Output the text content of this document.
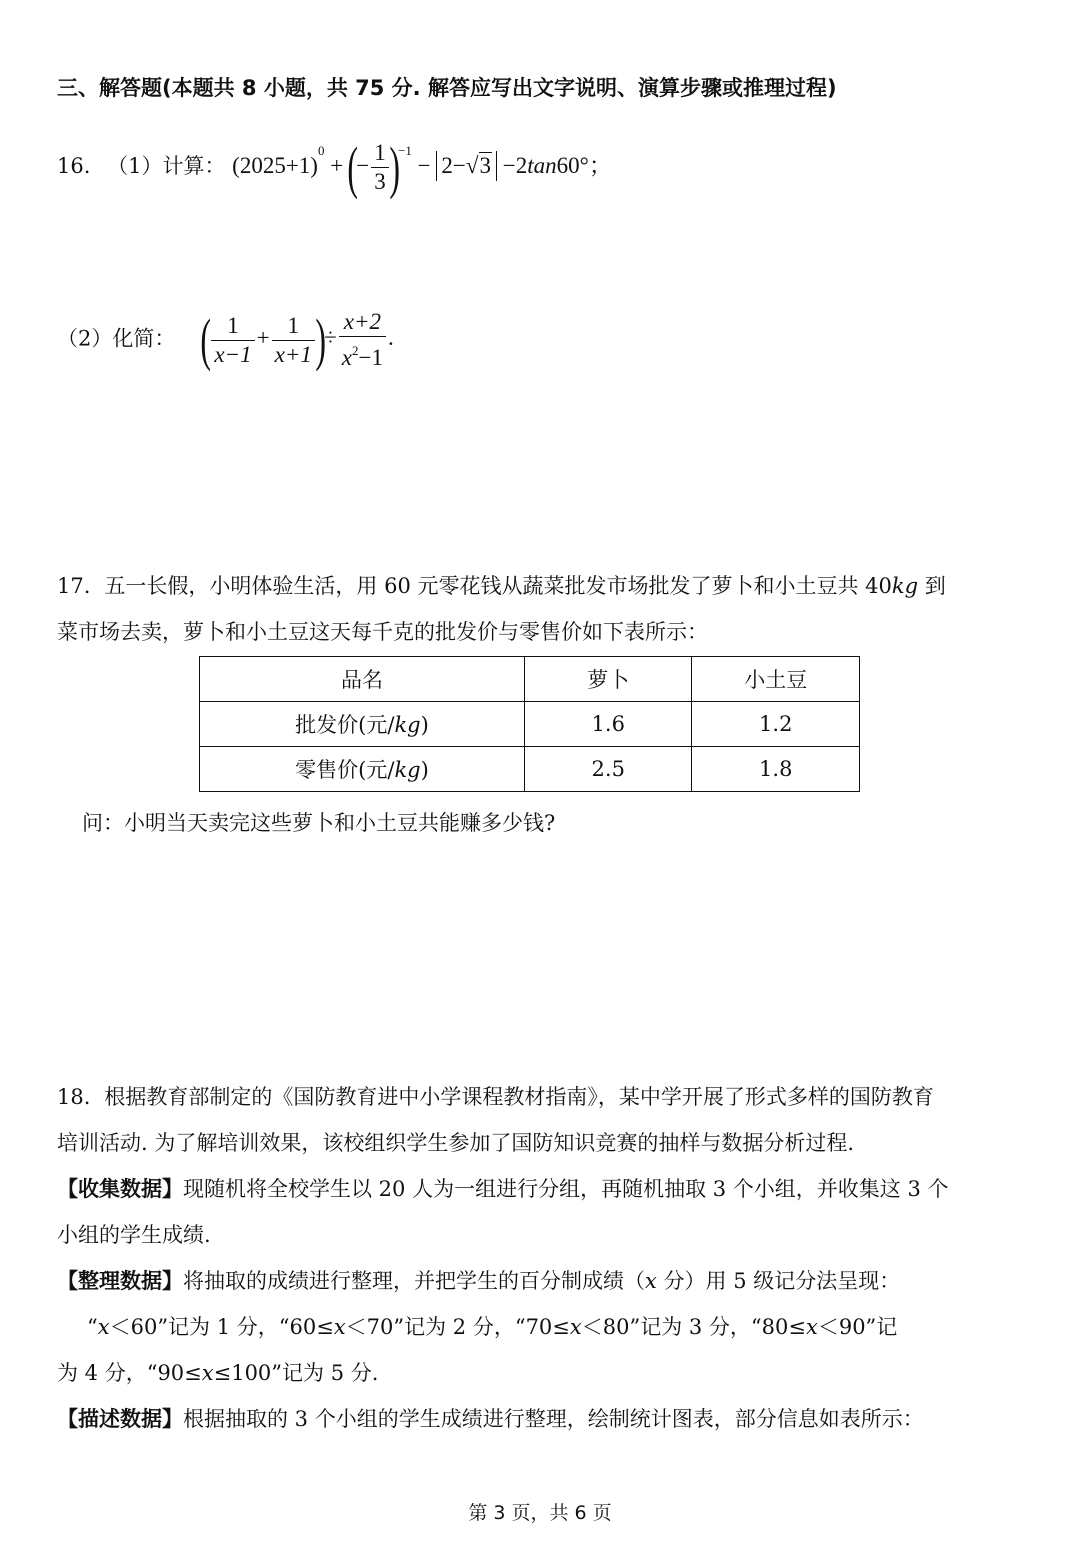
三、解答题(本题共 8 小题，共 75 分. 解答应写出文字说明、演算步骤或推理过程)
16. （1）计算： $(2025+1)^0$ + (− $\frac{1}{3} )^{-1} - 2-√3 -2\tan 60^\circ$；
（2）化简： ( $\frac{1}{x-1} + \frac{1}{x+1}$ )÷ $\frac{x+2}{x^2-1}$ .
17. 五一长假，小明体验生活，用 60 元零花钱从蔬菜批发市场批发了萝卜和小土豆共 40kg 到
菜市场去卖，萝卜和小土豆这天每千克的批发价与零售价如下表所示：
品名	萝卜	小土豆
批发价(元/kg)	1.6	1.2
零售价(元/kg)	2.5	1.8
问：小明当天卖完这些萝卜和小土豆共能赚多少钱?
18. 根据教育部制定的《国防教育进中小学课程教材指南》，某中学开展了形式多样的国防教育
培训活动. 为了解培训效果，该校组织学生参加了国防知识竞赛的抽样与数据分析过程.
【收集数据】现随机将全校学生以 20 人为一组进行分组，再随机抽取 3 个小组，并收集这 3 个
小组的学生成绩.
【整理数据】将抽取的成绩进行整理，并把学生的百分制成绩（x 分）用 5 级记分法呈现：
“x＜60”记为 1 分，“60≤x＜70”记为 2 分，“70≤x＜80”记为 3 分，“80≤x＜90”记
为 4 分，“90≤x≤100”记为 5 分.
【描述数据】根据抽取的 3 个小组的学生成绩进行整理，绘制统计图表，部分信息如表所示：
第 3 页，共 6 页
